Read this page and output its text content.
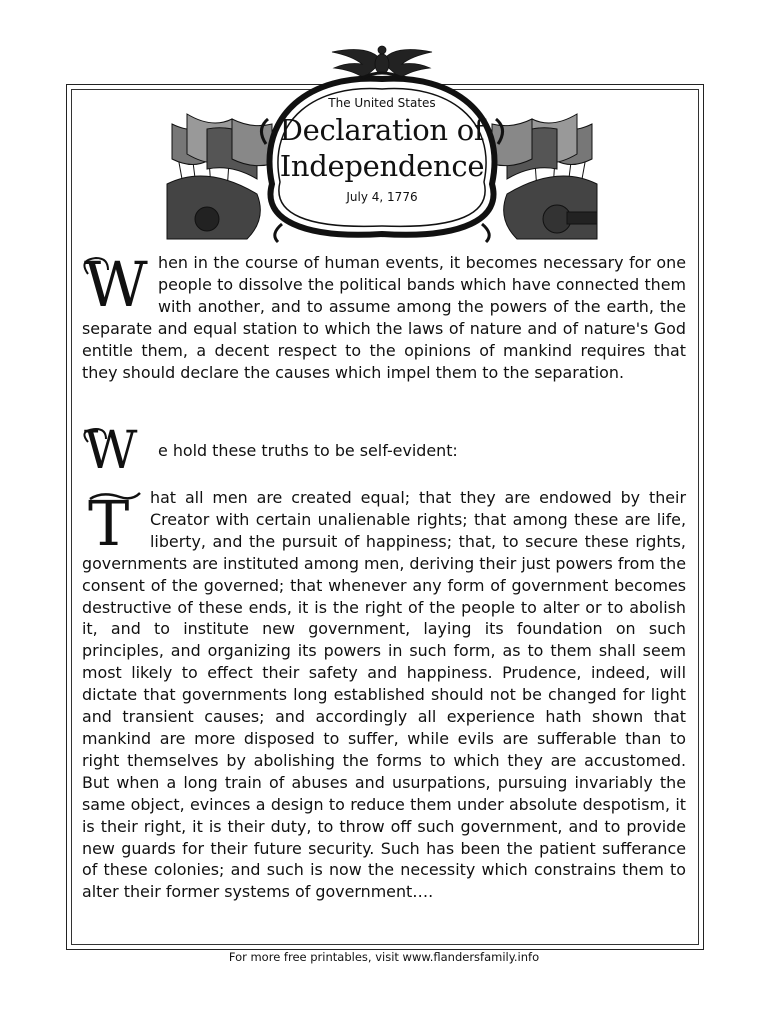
The United States
Declaration of
Independence
July 4, 1776
W hen in the course of human events, it becomes necessary for one people to dissolve the political bands which have connected them with another, and to assume among the powers of the earth, the separate and equal station to which the laws of nature and of nature's God entitle them, a decent respect to the opinions of mankind requires that they should declare the causes which impel them to the separation.
W e hold these truths to be self-evident:
T hat all men are created equal; that they are endowed by their Creator with certain unalienable rights; that among these are life, liberty, and the pursuit of happiness; that, to secure these rights, governments are instituted among men, deriving their just powers from the consent of the governed; that whenever any form of government becomes destructive of these ends, it is the right of the people to alter or to abolish it, and to institute new government, laying its foundation on such principles, and organizing its powers in such form, as to them shall seem most likely to effect their safety and happiness. Prudence, indeed, will dictate that governments long established should not be changed for light and transient causes; and accordingly all experience hath shown that mankind are more disposed to suffer, while evils are sufferable than to right themselves by abolishing the forms to which they are accustomed. But when a long train of abuses and usurpations, pursuing invariably the same object, evinces a design to reduce them under absolute despotism, it is their right, it is their duty, to throw off such government, and to provide new guards for their future security. Such has been the patient sufferance of these colonies; and such is now the necessity which constrains them to alter their former systems of government….
For more free printables, visit www.flandersfamily.info
